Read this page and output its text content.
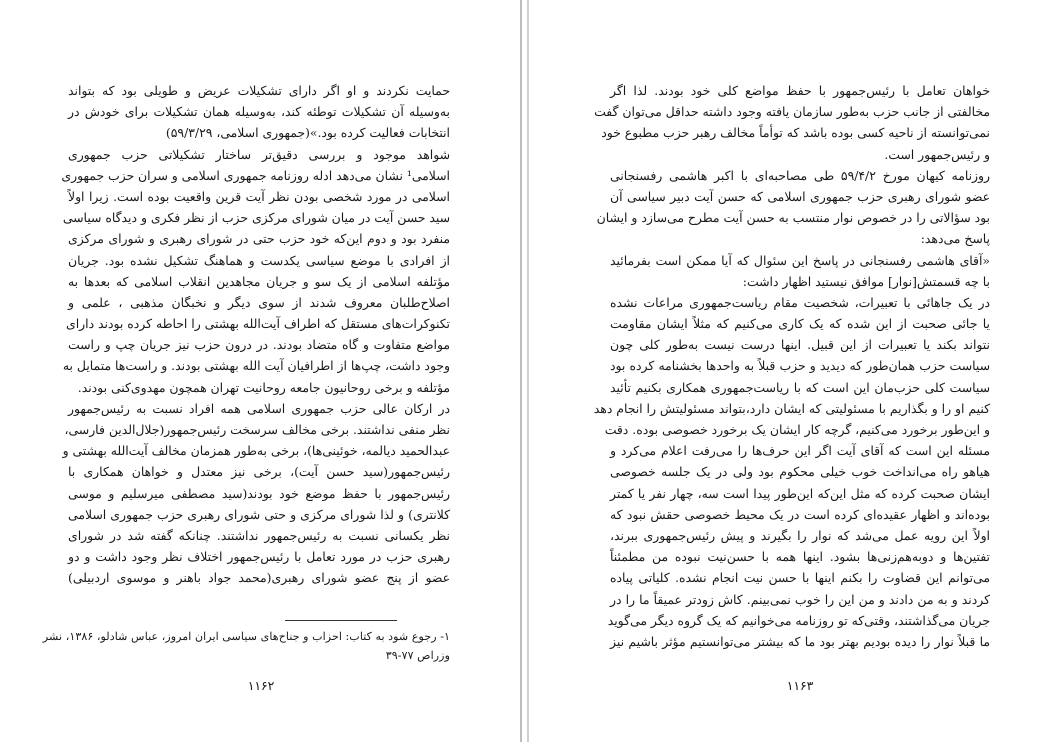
حمایت نکردند و او اگر دارای تشکیلات عریض و طویلی بود که بتواند
به‌وسیله آن تشکیلات توطئه کند، به‌وسیله همان تشکیلات برای خودش در
انتخابات فعالیت کرده بود.»(جمهوری اسلامی، ۵۹/۳/۲۹)
شواهد موجود و بررسی دقیق‌تر ساختار تشکیلاتی حزب جمهوری
اسلامی¹ نشان می‌دهد ادله روزنامه جمهوری اسلامی و سران حزب جمهوری
اسلامی در مورد شخصی بودن نظر آیت قرین واقعیت بوده است. زیرا اولاً
سید حسن آیت در میان شورای مرکزی حزب از نظر فکری و دیدگاه سیاسی
منفرد بود و دوم این‌که خود حزب حتی در شورای رهبری و شورای مرکزی
از افرادی با موضع سیاسی یکدست و هماهنگ تشکیل نشده بود. جریان
مؤتلفه اسلامی از یک سو و جریان مجاهدین انقلاب اسلامی که بعدها به
اصلاح‌طلبان معروف شدند از سوی دیگر و نخبگان مذهبی ، علمی و
تکنوکرات‌های مستقل که اطراف آیت‌الله بهشتی را احاطه کرده بودند دارای
مواضع متفاوت و گاه متضاد بودند. در درون حزب نیز جریان چپ و راست
وجود داشت، چپ‌ها از اطرافیان آیت الله بهشتی بودند. و راست‌ها متمایل به
مؤتلفه و برخی روحانیون جامعه روحانیت تهران همچون مهدوی‌کنی بودند.
در ارکان عالی حزب جمهوری اسلامی همه افراد نسبت به رئیس‌جمهور
نظر منفی نداشتند. برخی مخالف سرسخت رئیس‌جمهور(جلال‌الدین فارسی،
عبدالحمید دیالمه، خوئینی‌ها)، برخی به‌طور همزمان مخالف آیت‌الله بهشتی و
رئیس‌جمهور(سید حسن آیت)، برخی نیز معتدل و خواهان همکاری با
رئیس‌جمهور با حفظ موضع خود بودند(سید مصطفی میرسلیم و موسی
کلانتری) و لذا شورای مرکزی و حتی شورای رهبری حزب جمهوری اسلامی
نظر یکسانی نسبت به رئیس‌جمهور نداشتند. چنانکه گفته شد در شورای
رهبری حزب در مورد تعامل با رئیس‌جمهور اختلاف نظر وجود داشت و دو
عضو از پنج عضو شورای رهبری(محمد جواد باهنر و موسوی اردبیلی)
۱- رجوع شود به کتاب: احزاب و جناح‌های سیاسی ایران امروز، عباس شادلو، ۱۳۸۶، نشر
وزراص ۷۷-۳۹
۱۱۶۲
خواهان تعامل با رئیس‌جمهور با حفظ مواضع کلی خود بودند. لذا اگر
مخالفتی از جانب حزب به‌طور سازمان یافته وجود داشته حداقل می‌توان گفت
نمی‌توانسته از ناحیه کسی بوده باشد که توأماً مخالف رهبر حزب مطبوع خود
و رئیس‌جمهور است.
روزنامه کیهان مورخ ۵۹/۴/۲ طی مصاحبه‌ای با اکبر هاشمی رفسنجانی
عضو شورای رهبری حزب جمهوری اسلامی که حسن آیت دبیر سیاسی آن
بود سؤالاتی را در خصوص نوار منتسب به حسن آیت مطرح می‌سازد و ایشان
پاسخ می‌دهد:
«آقای هاشمی رفسنجانی در پاسخ این سئوال که آیا ممکن است بفرمائید
با چه قسمتش[نوار] موافق نیستید اظهار داشت:
در یک جاهائی با تعبیرات، شخصیت مقام ریاست‌جمهوری مراعات نشده
یا جائی صحبت از این شده که یک کاری می‌کنیم که مثلاً ایشان مقاومت
نتواند بکند یا تعبیرات از این قبیل. اینها درست نیست به‌طور کلی چون
سیاست حزب همان‌طور که دیدید و حزب قبلاً به واحدها بخشنامه کرده بود
سیاست کلی حزب‌مان این است که با ریاست‌جمهوری همکاری بکنیم تأئید
کنیم او را و بگذاریم با مسئولیتی که ایشان دارد،بتواند مسئولیتش را انجام دهد
و این‌طور برخورد می‌کنیم، گرچه کار ایشان یک برخورد خصوصی بوده. دقت
مسئله این است که آقای آیت اگر این حرف‌ها را می‌رفت اعلام می‌کرد و
هیاهو راه می‌انداخت خوب خیلی محکوم بود ولی در یک جلسه خصوصی
ایشان صحبت کرده که مثل این‌که این‌طور پیدا است سه، چهار نفر یا کمتر
بوده‌اند و اظهار عقیده‌ای کرده است در یک محیط خصوصی حقش نبود که
اولاً این رویه عمل می‌شد که نوار را بگیرند و پیش رئیس‌جمهوری ببرند،
تفتین‌ها و دوبه‌هم‌زنی‌ها بشود. اینها همه با حسن‌نیت نبوده من مطمئناً
می‌توانم این قضاوت را بکنم اینها با حسن نیت انجام نشده. کلیاتی پیاده
کردند و به من دادند و من این را خوب نمی‌بینم. کاش زودتر عمیقاً ما را در
جریان می‌گذاشتند، وقتی‌که تو روزنامه می‌خوانیم که یک گروه دیگر می‌گوید
ما قبلاً نوار را دیده بودیم بهتر بود ما که بیشتر می‌توانستیم مؤثر باشیم نیز
۱۱۶۳
